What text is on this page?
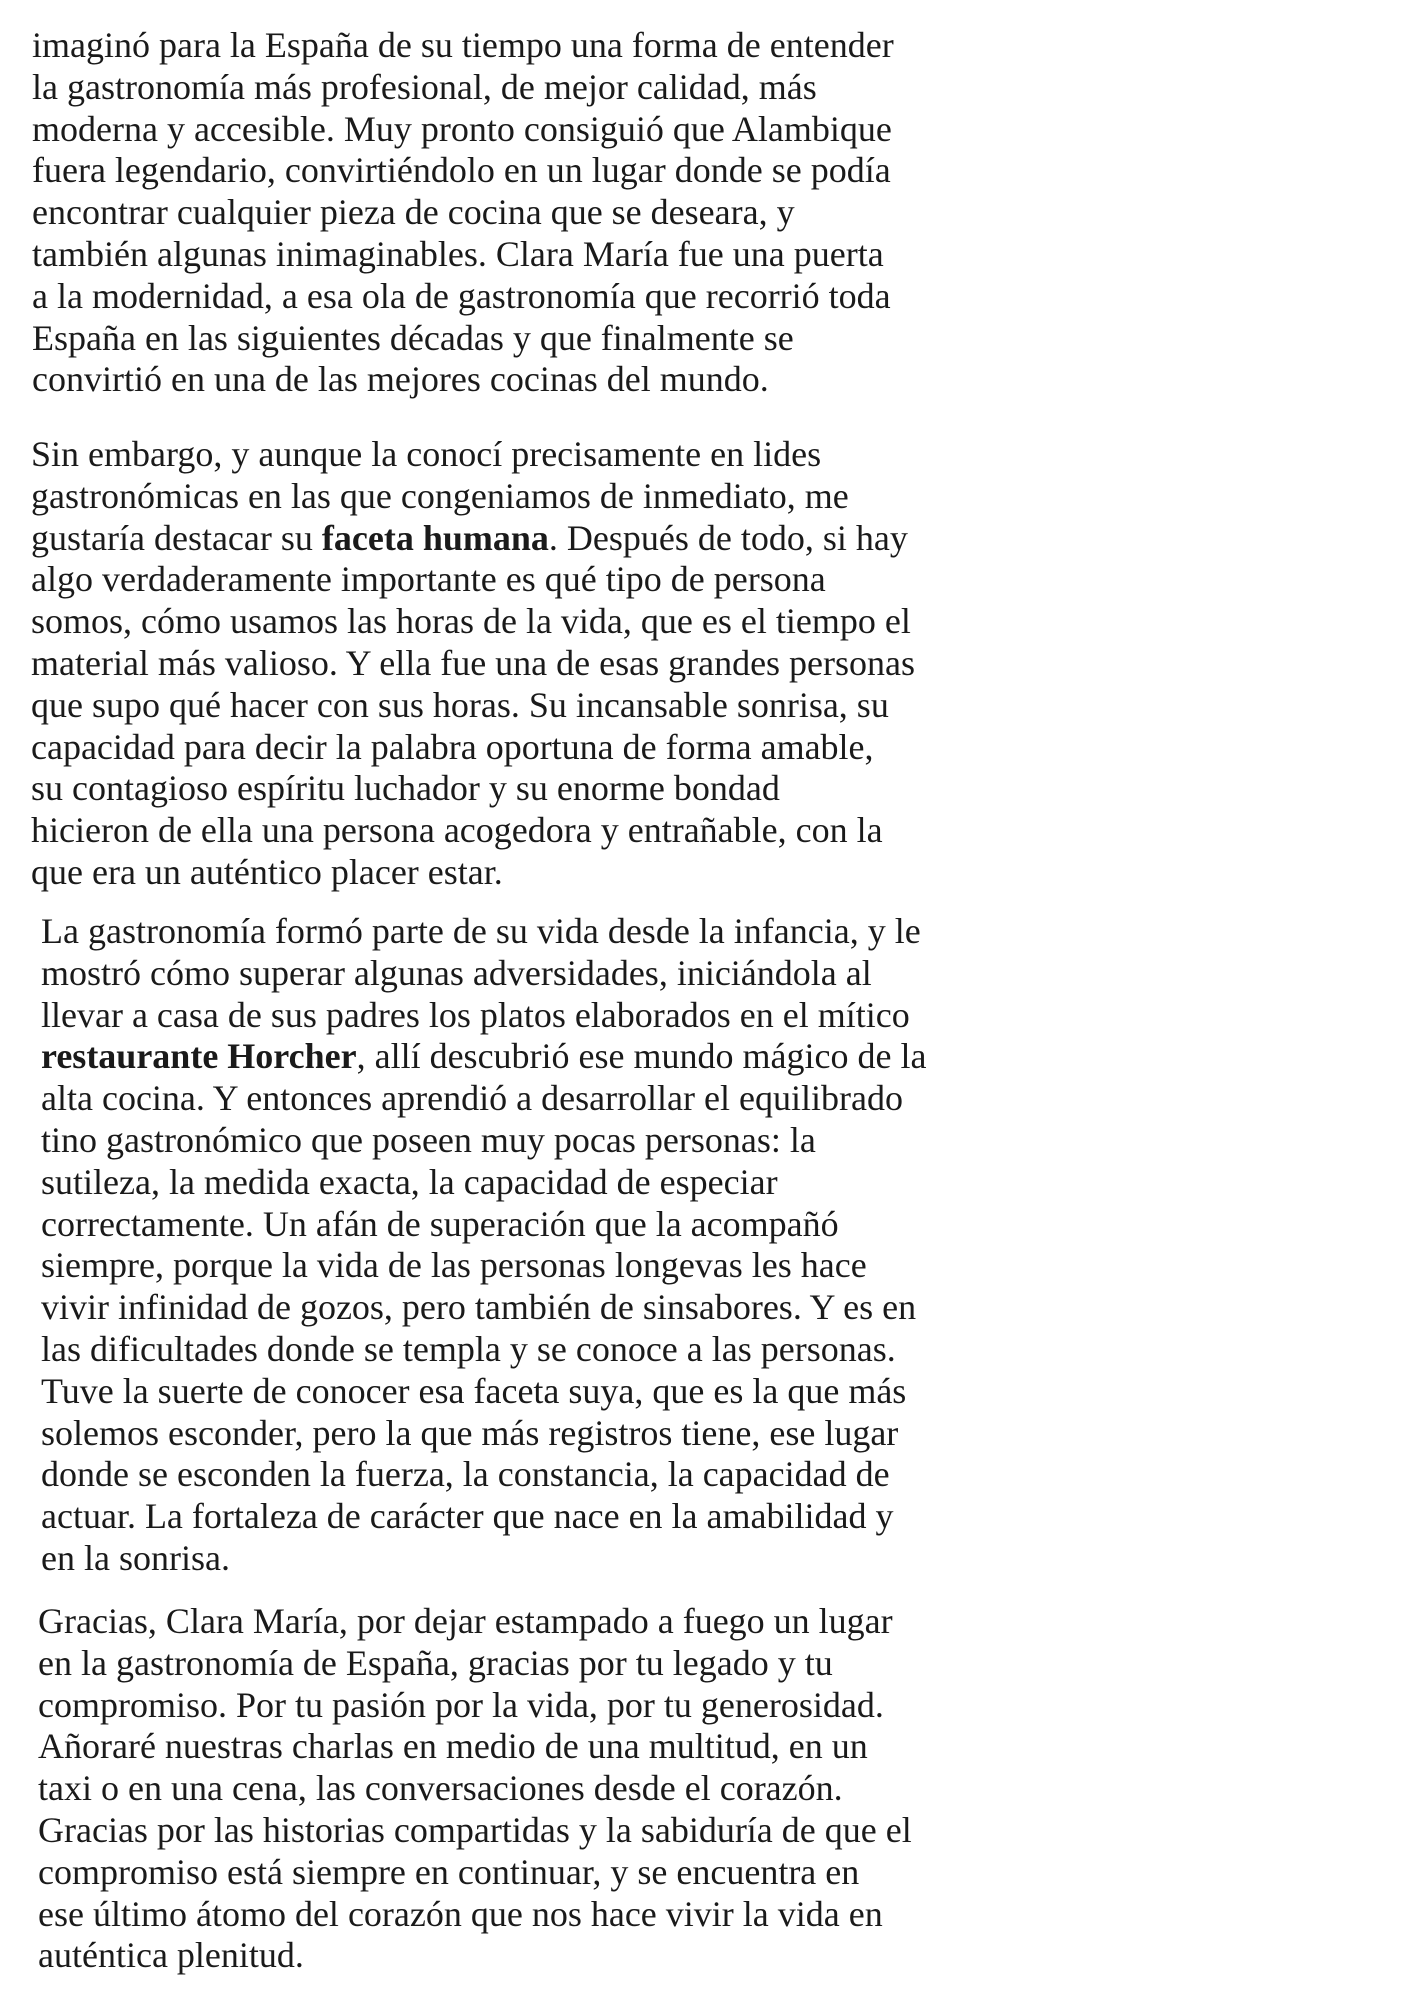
imaginó para la España de su tiempo una forma de entender
la gastronomía más profesional, de mejor calidad, más
moderna y accesible. Muy pronto consiguió que Alambique
fuera legendario, convirtiéndolo en un lugar donde se podía
encontrar cualquier pieza de cocina que se deseara, y
también algunas inimaginables. Clara María fue una puerta
a la modernidad, a esa ola de gastronomía que recorrió toda
España en las siguientes décadas y que finalmente se
convirtió en una de las mejores cocinas del mundo.

Sin embargo, y aunque la conocí precisamente en lides
gastronómicas en las que congeniamos de inmediato, me
gustaría destacar su faceta humana. Después de todo, si hay
algo verdaderamente importante es qué tipo de persona
somos, cómo usamos las horas de la vida, que es el tiempo el
material más valioso. Y ella fue una de esas grandes personas
que supo qué hacer con sus horas. Su incansable sonrisa, su
capacidad para decir la palabra oportuna de forma amable,
su contagioso espíritu luchador y su enorme bondad
hicieron de ella una persona acogedora y entrañable, con la
que era un auténtico placer estar.

La gastronomía formó parte de su vida desde la infancia, y le
mostró cómo superar algunas adversidades, iniciándola al
llevar a casa de sus padres los platos elaborados en el mítico
restaurante Horcher, allí descubrió ese mundo mágico de la
alta cocina. Y entonces aprendió a desarrollar el equilibrado
tino gastronómico que poseen muy pocas personas: la
sutileza, la medida exacta, la capacidad de especiar
correctamente. Un afán de superación que la acompañó
siempre, porque la vida de las personas longevas les hace
vivir infinidad de gozos, pero también de sinsabores. Y es en
las dificultades donde se templa y se conoce a las personas.
Tuve la suerte de conocer esa faceta suya, que es la que más
solemos esconder, pero la que más registros tiene, ese lugar
donde se esconden la fuerza, la constancia, la capacidad de
actuar. La fortaleza de carácter que nace en la amabilidad y
en la sonrisa.

Gracias, Clara María, por dejar estampado a fuego un lugar
en la gastronomía de España, gracias por tu legado y tu
compromiso. Por tu pasión por la vida, por tu generosidad.
Añoraré nuestras charlas en medio de una multitud, en un
taxi o en una cena, las conversaciones desde el corazón.
Gracias por las historias compartidas y la sabiduría de que el
compromiso está siempre en continuar, y se encuentra en
ese último átomo del corazón que nos hace vivir la vida en
auténtica plenitud.
